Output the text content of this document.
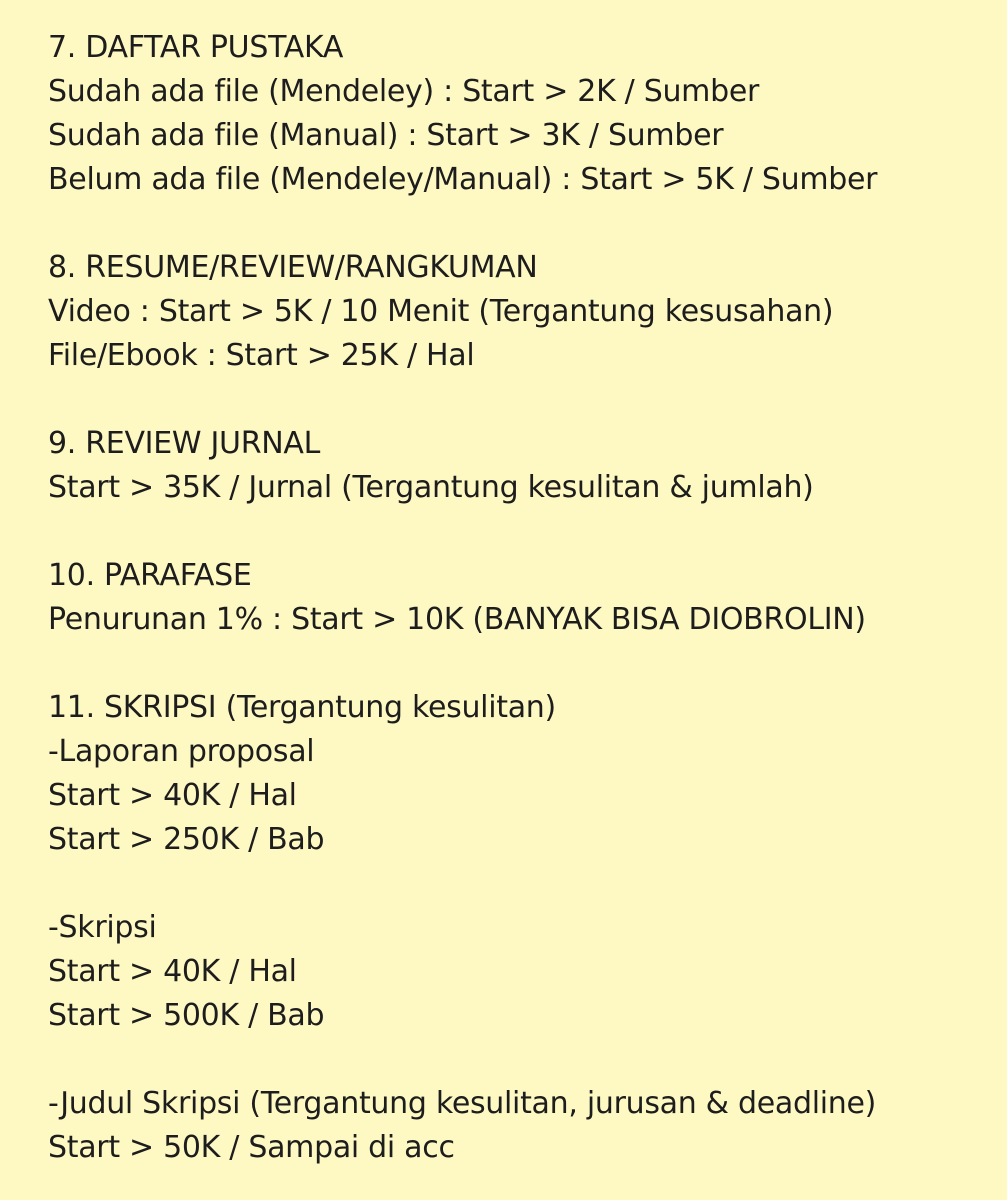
7. DAFTAR PUSTAKA
Sudah ada file (Mendeley) : Start > 2K / Sumber
Sudah ada file (Manual) : Start > 3K / Sumber
Belum ada file (Mendeley/Manual) : Start > 5K / Sumber
8. RESUME/REVIEW/RANGKUMAN
Video : Start > 5K / 10 Menit (Tergantung kesusahan)
File/Ebook : Start > 25K / Hal
9. REVIEW JURNAL
Start > 35K / Jurnal (Tergantung kesulitan & jumlah)
10. PARAFASE
Penurunan 1% : Start > 10K (BANYAK BISA DIOBROLIN)
11. SKRIPSI (Tergantung kesulitan)
-Laporan proposal
Start > 40K / Hal
Start > 250K / Bab
-Skripsi
Start > 40K / Hal
Start > 500K / Bab
-Judul Skripsi (Tergantung kesulitan, jurusan & deadline)
Start > 50K / Sampai di acc
